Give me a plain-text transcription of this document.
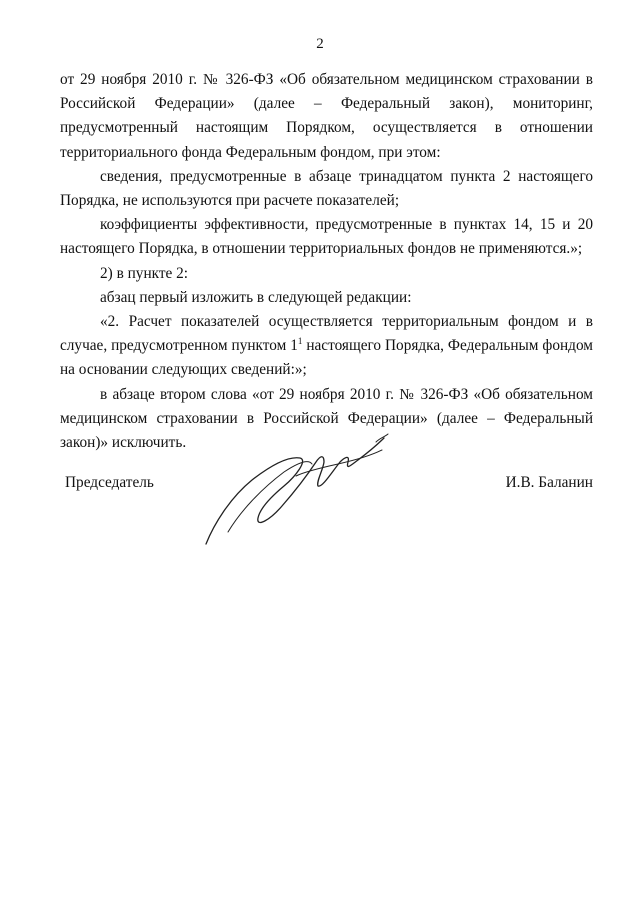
2

от 29 ноября 2010 г. № 326-ФЗ «Об обязательном медицинском страховании в Российской Федерации» (далее – Федеральный закон), мониторинг, предусмотренный настоящим Порядком, осуществляется в отношении территориального фонда Федеральным фондом, при этом:

сведения, предусмотренные в абзаце тринадцатом пункта 2 настоящего Порядка, не используются при расчете показателей;

коэффициенты эффективности, предусмотренные в пунктах 14, 15 и 20 настоящего Порядка, в отношении территориальных фондов не применяются.»;

2) в пункте 2:

абзац первый изложить в следующей редакции:

«2. Расчет показателей осуществляется территориальным фондом и в случае, предусмотренном пунктом $1^1$ настоящего Порядка, Федеральным фондом на основании следующих сведений:»;

в абзаце втором слова «от 29 ноября 2010 г. № 326-ФЗ «Об обязательном медицинском страховании в Российской Федерации» (далее – Федеральный закон)» исключить.

Председатель	И.В. Баланин
